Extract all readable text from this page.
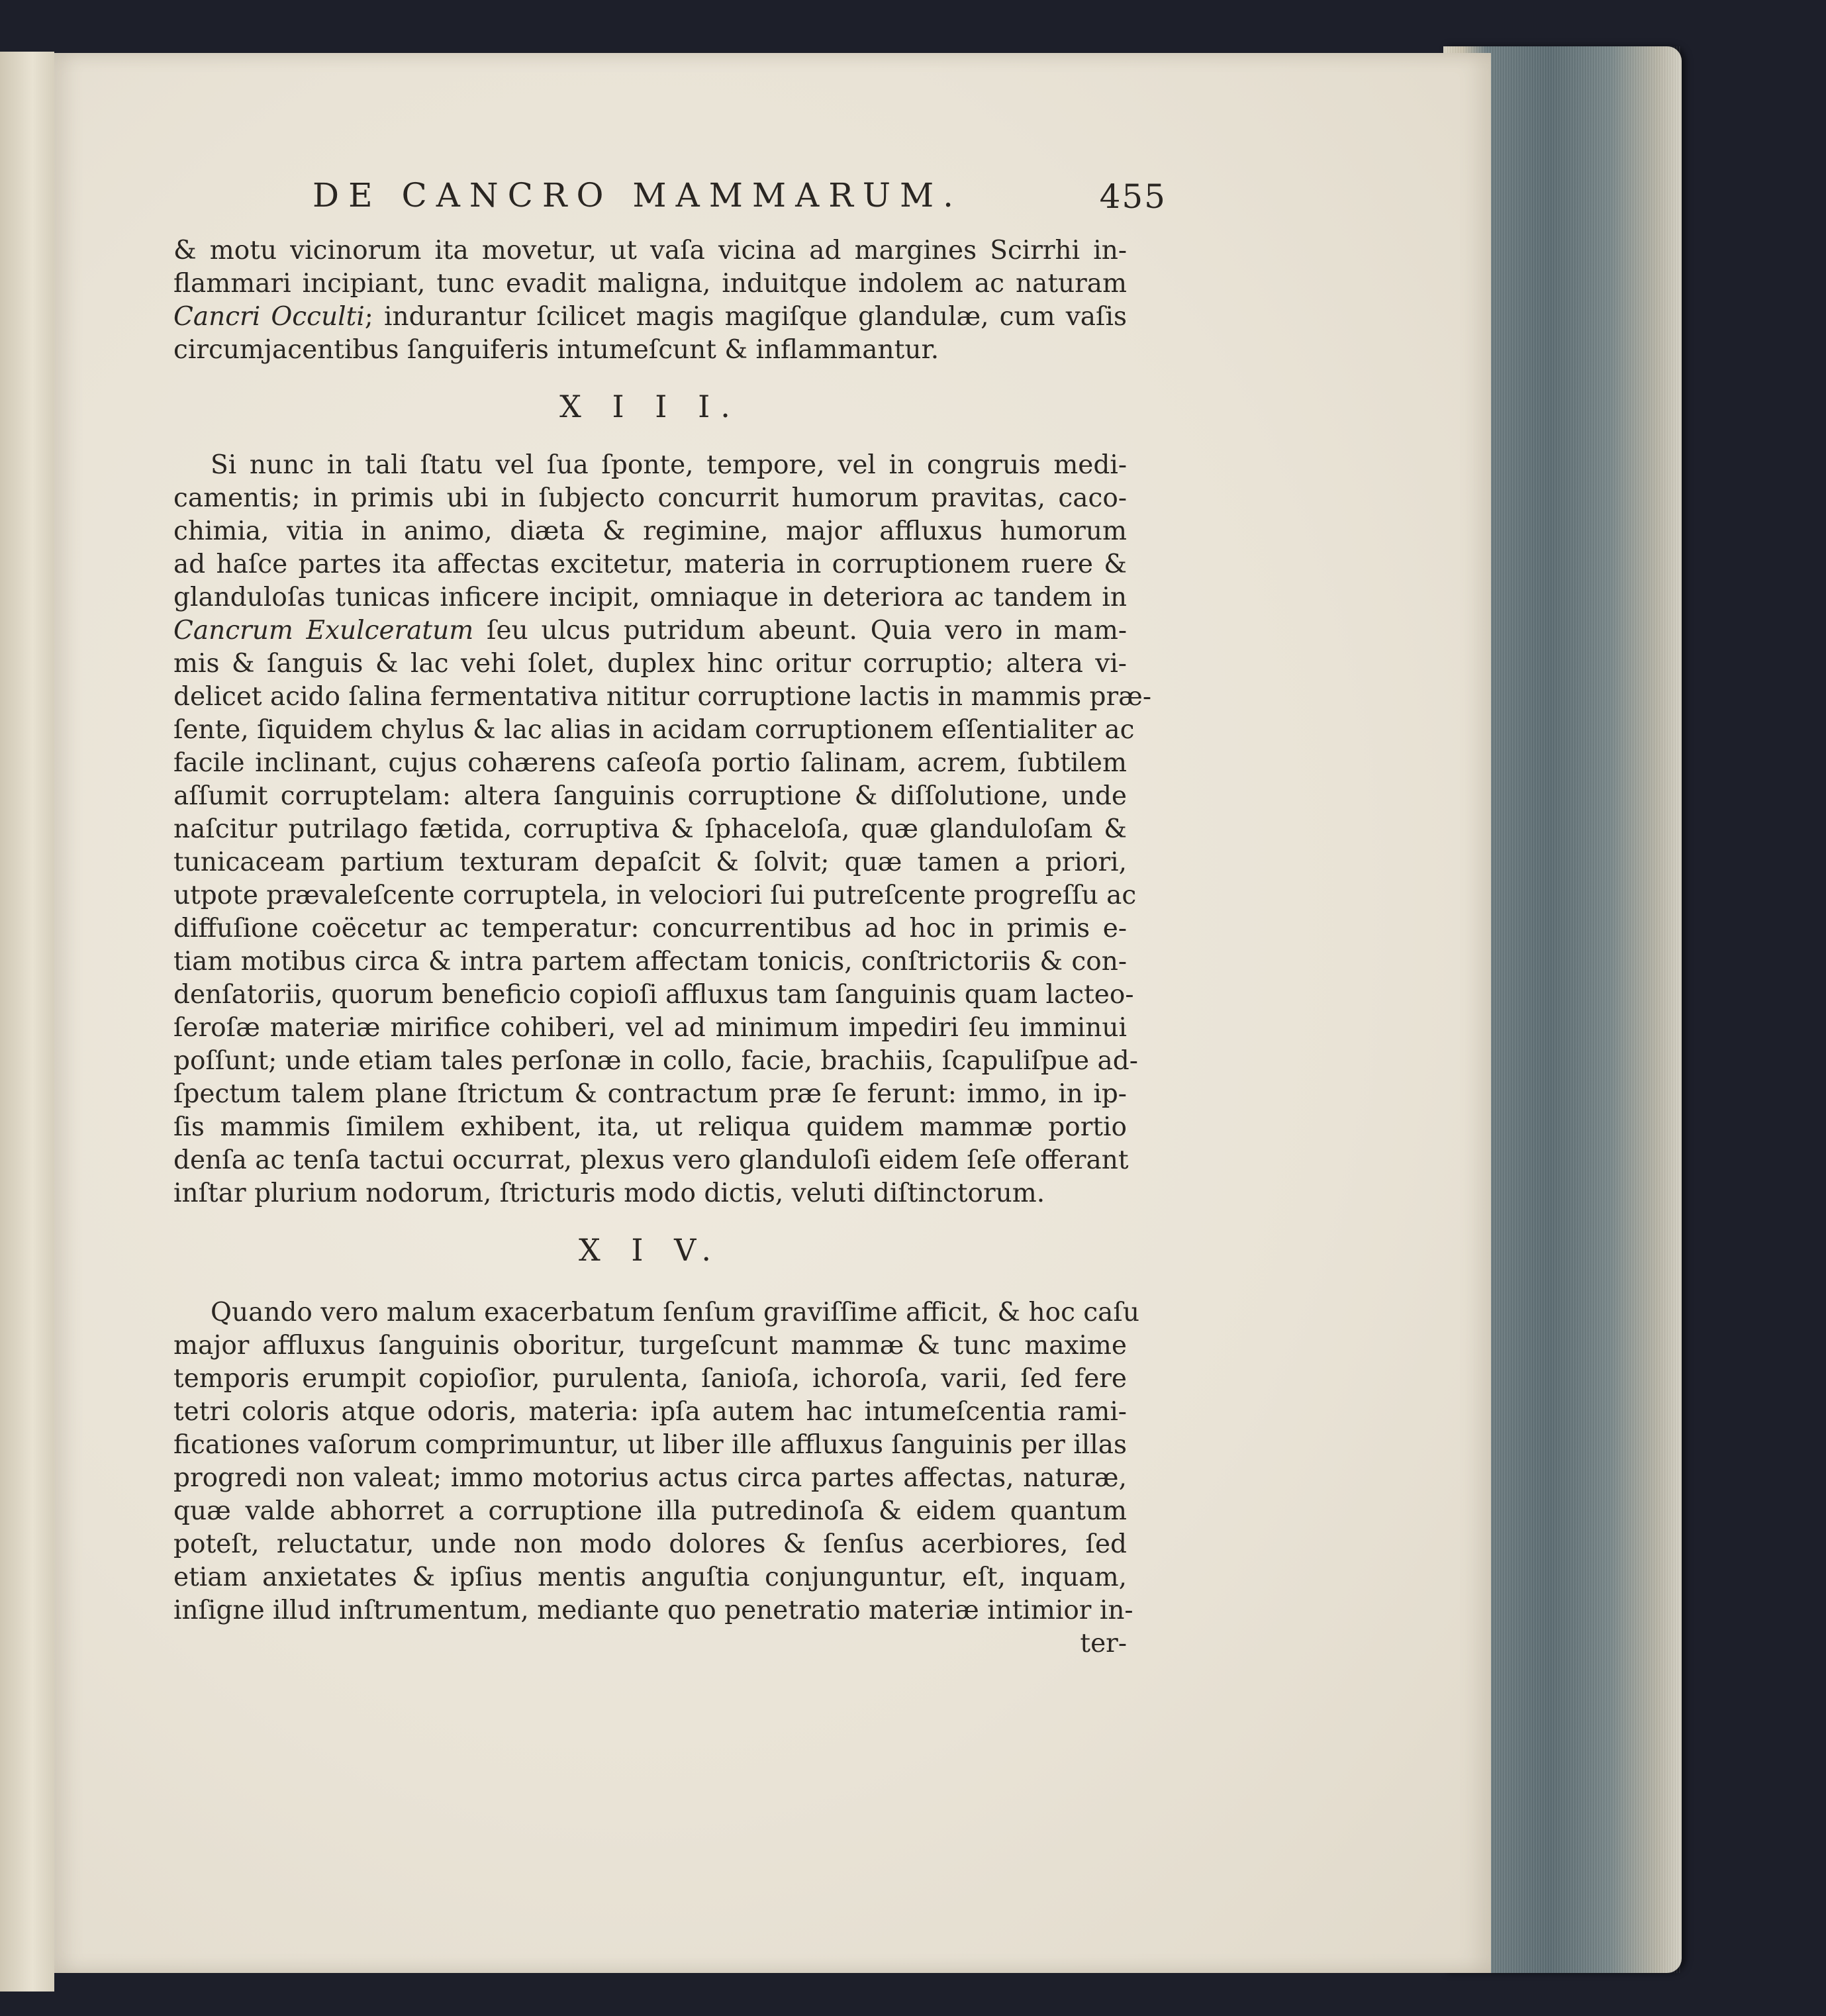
DE CANCRO MAMMARUM.	455
& motu vicinorum ita movetur, ut vaſa vicina ad margines Scirrhi in-
flammari incipiant, tunc evadit maligna, induitque indolem ac naturam
Cancri Occulti; indurantur ſcilicet magis magiſque glandulæ, cum vaſis
circumjacentibus ſanguiferis intumeſcunt & inflammantur.
X I I I.
Si nunc in tali ſtatu vel ſua ſponte, tempore, vel in congruis medi-
camentis; in primis ubi in ſubjecto concurrit humorum pravitas, caco-
chimia, vitia in animo, diæta & regimine, major affluxus humorum
ad haſce partes ita affectas excitetur, materia in corruptionem ruere &
glanduloſas tunicas inficere incipit, omniaque in deteriora ac tandem in
Cancrum Exulceratum ſeu ulcus putridum abeunt. Quia vero in mam-
mis & ſanguis & lac vehi ſolet, duplex hinc oritur corruptio; altera vi-
delicet acido ſalina fermentativa nititur corruptione lactis in mammis præ-
ſente, ſiquidem chylus & lac alias in acidam corruptionem eſſentialiter ac
facile inclinant, cujus cohærens caſeoſa portio ſalinam, acrem, ſubtilem
aſſumit corruptelam: altera ſanguinis corruptione & diſſolutione, unde
naſcitur putrilago fætida, corruptiva & ſphaceloſa, quæ glanduloſam &
tunicaceam partium texturam depaſcit & ſolvit; quæ tamen a priori,
utpote prævaleſcente corruptela, in velociori ſui putreſcente progreſſu ac
diffuſione coëcetur ac temperatur: concurrentibus ad hoc in primis e-
tiam motibus circa & intra partem affectam tonicis, conſtrictoriis & con-
denſatoriis, quorum beneficio copioſi affluxus tam ſanguinis quam lacteo-
ſeroſæ materiæ mirifice cohiberi, vel ad minimum impediri ſeu imminui
poſſunt; unde etiam tales perſonæ in collo, facie, brachiis, ſcapuliſpue ad-
ſpectum talem plane ſtrictum & contractum præ ſe ferunt: immo, in ip-
ſis mammis ſimilem exhibent, ita, ut reliqua quidem mammæ portio
denſa ac tenſa tactui occurrat, plexus vero glanduloſi eidem ſeſe offerant
inſtar plurium nodorum, ſtricturis modo dictis, veluti diſtinctorum.
X I V.
Quando vero malum exacerbatum ſenſum graviſſime afficit, & hoc caſu
major affluxus ſanguinis oboritur, turgeſcunt mammæ & tunc maxime
temporis erumpit copioſior, purulenta, ſanioſa, ichoroſa, varii, ſed fere
tetri coloris atque odoris, materia: ipſa autem hac intumeſcentia rami-
ficationes vaſorum comprimuntur, ut liber ille affluxus ſanguinis per illas
progredi non valeat; immo motorius actus circa partes affectas, naturæ,
quæ valde abhorret a corruptione illa putredinoſa & eidem quantum
poteſt, reluctatur, unde non modo dolores & ſenſus acerbiores, ſed
etiam anxietates & ipſius mentis anguſtia conjunguntur, eſt, inquam,
inſigne illud inſtrumentum, mediante quo penetratio materiæ intimior in-
ter-
